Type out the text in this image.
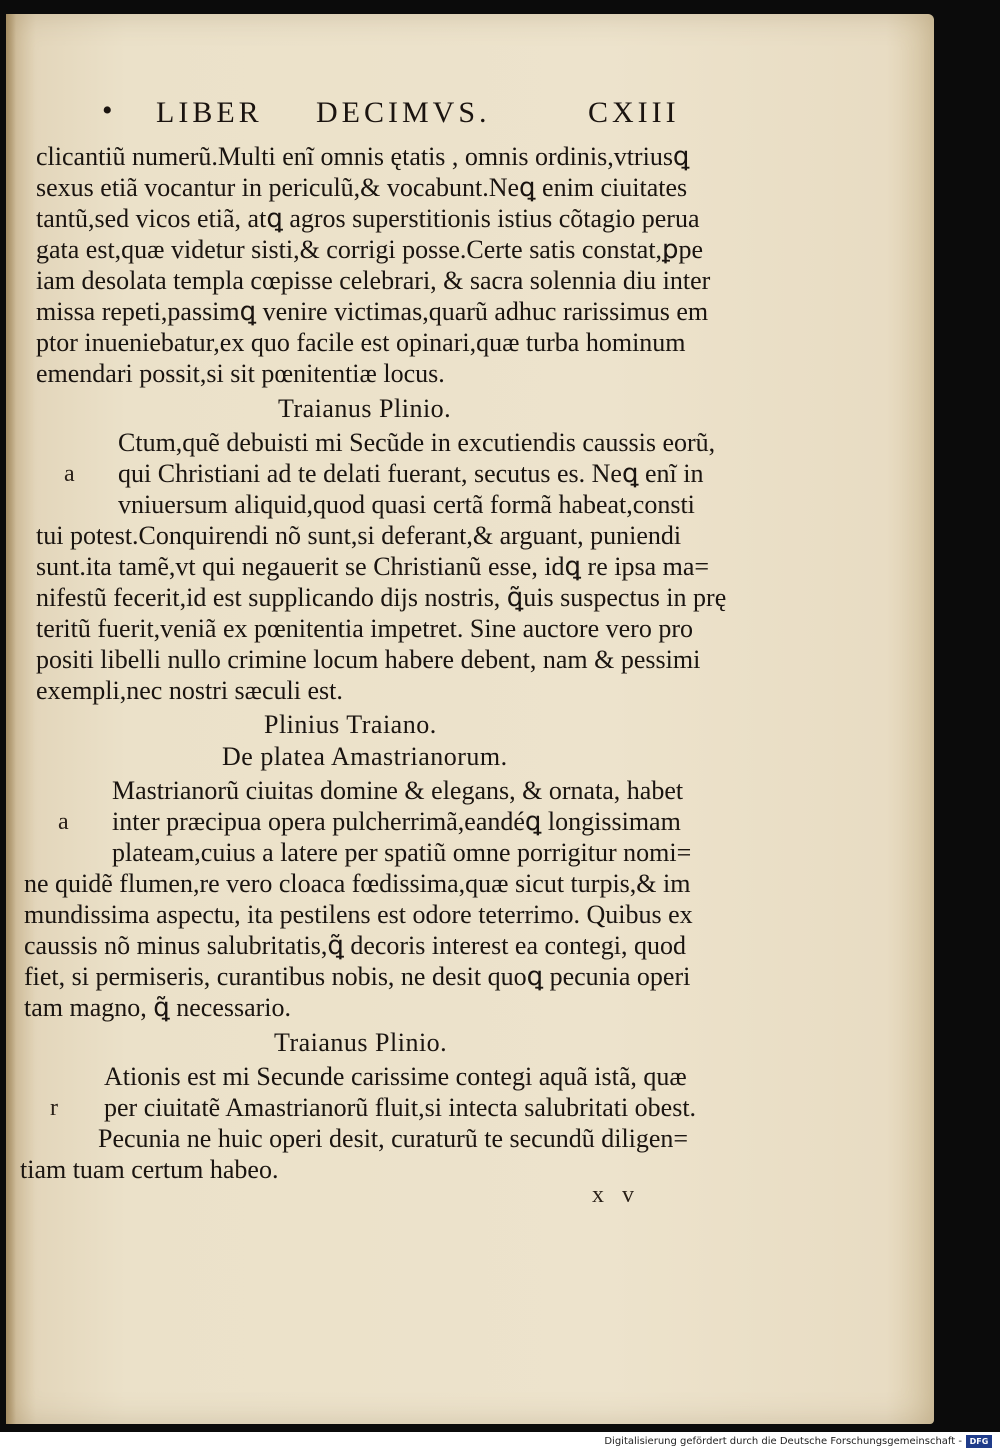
• LIBER DECIMVS.	CXIII
clicantiũ numerũ.Multi enĩ omnis ętatis , omnis ordinis,vtriusꝗ
sexus etiã vocantur in periculũ,& vocabunt.Neꝗ enim ciuitates
tantũ,sed vicos etiã, atꝗ agros superstitionis istius cõtagio perua
gata est,quæ videtur sisti,& corrigi posse.Certe satis constat,ꝑpe
iam desolata templa cœpisse celebrari, & sacra solennia diu inter
missa repeti,passimꝗ venire victimas,quarũ adhuc rarissimus em
ptor inueniebatur,ex quo facile est opinari,quæ turba hominum
emendari possit,si sit pœnitentiæ locus.
Traianus Plinio.
Ctum,quẽ debuisti mi Secũde in excutiendis caussis eorũ,
a qui Christiani ad te delati fuerant, secutus es. Neꝗ enĩ in
vniuersum aliquid,quod quasi certã formã habeat,consti
tui potest.Conquirendi nõ sunt,si deferant,& arguant, puniendi
sunt.ita tamẽ,vt qui negauerit se Christianũ esse, idꝗ re ipsa ma=
nifestũ fecerit,id est supplicando dijs nostris, ꝗ̃uis suspectus in prę
teritũ fuerit,veniã ex pœnitentia impetret. Sine auctore vero pro
positi libelli nullo crimine locum habere debent, nam & pessimi
exempli,nec nostri sæculi est.
Plinius Traiano.
De platea Amastrianorum.
Mastrianorũ ciuitas domine & elegans, & ornata, habet
a inter præcipua opera pulcherrimã,eandéꝗ longissimam
plateam,cuius a latere per spatiũ omne porrigitur nomi=
ne quidẽ flumen,re vero cloaca fœdissima,quæ sicut turpis,& im
mundissima aspectu, ita pestilens est odore teterrimo. Quibus ex
caussis nõ minus salubritatis,ꝗ̃ decoris interest ea contegi, quod
fiet, si permiseris, curantibus nobis, ne desit quoꝗ pecunia operi
tam magno, ꝗ̃ necessario.
Traianus Plinio.
Ationis est mi Secunde carissime contegi aquã istã, quæ
r per ciuitatẽ Amastrianorũ fluit,si intecta salubritati obest.
Pecunia ne huic operi desit, curaturũ te secundũ diligen=
tiam tuam certum habeo.
x v
Digitalisierung gefördert durch die Deutsche Forschungsgemeinschaft - DFG
